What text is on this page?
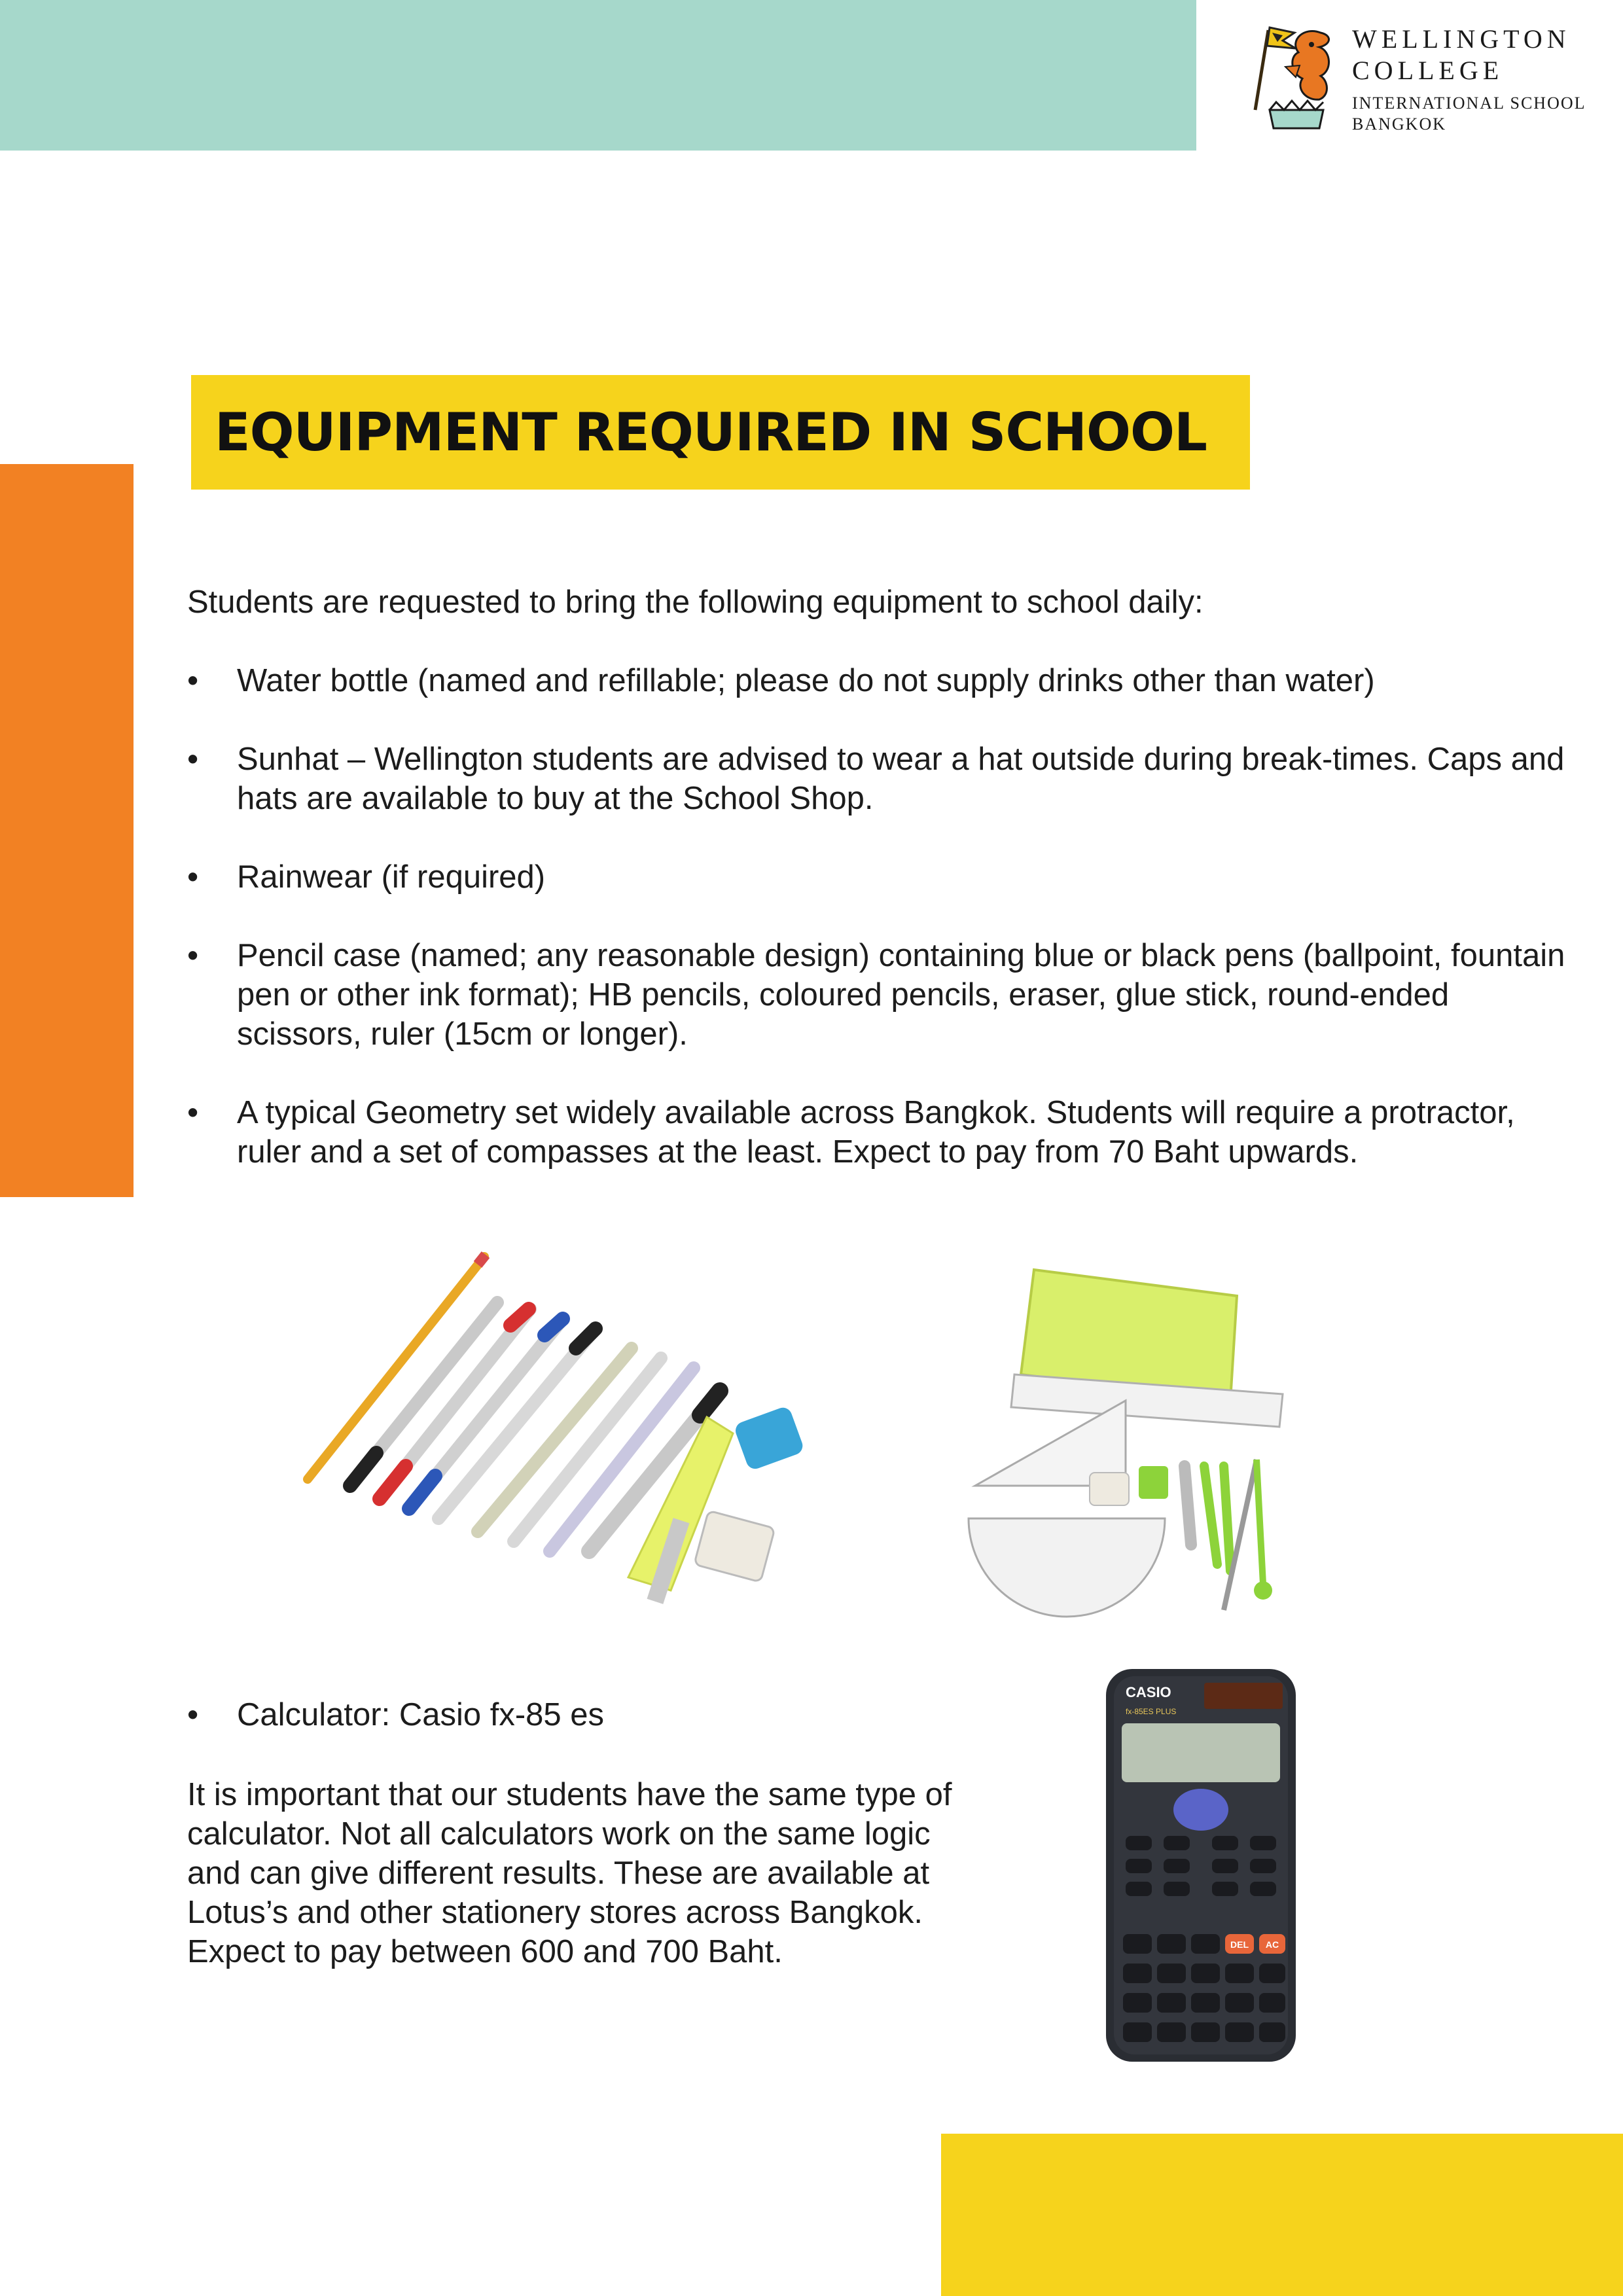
WELLINGTON
COLLEGE
INTERNATIONAL SCHOOL
BANGKOK
EQUIPMENT REQUIRED IN SCHOOL

Students are requested to bring the following equipment to school daily:

• Water bottle (named and refillable; please do not supply drinks other than water)
• Sunhat – Wellington students are advised to wear a hat outside during break-times. Caps and hats are available to buy at the School Shop.
• Rainwear (if required)
• Pencil case (named; any reasonable design) containing blue or black pens (ballpoint, fountain pen or other ink format); HB pencils, coloured pencils, eraser, glue stick, round-ended scissors, ruler (15cm or longer).
• A typical Geometry set widely available across Bangkok. Students will require a protractor, ruler and a set of compasses at the least. Expect to pay from 70 Baht upwards.
• Calculator: Casio fx-85 es

It is important that our students have the same type of calculator. Not all calculators work on the same logic and can give different results. These are available at Lotus’s and other stationery stores across Bangkok. Expect to pay between 600 and 700 Baht.

CASIO
fx-85ES PLUS
DEL AC
